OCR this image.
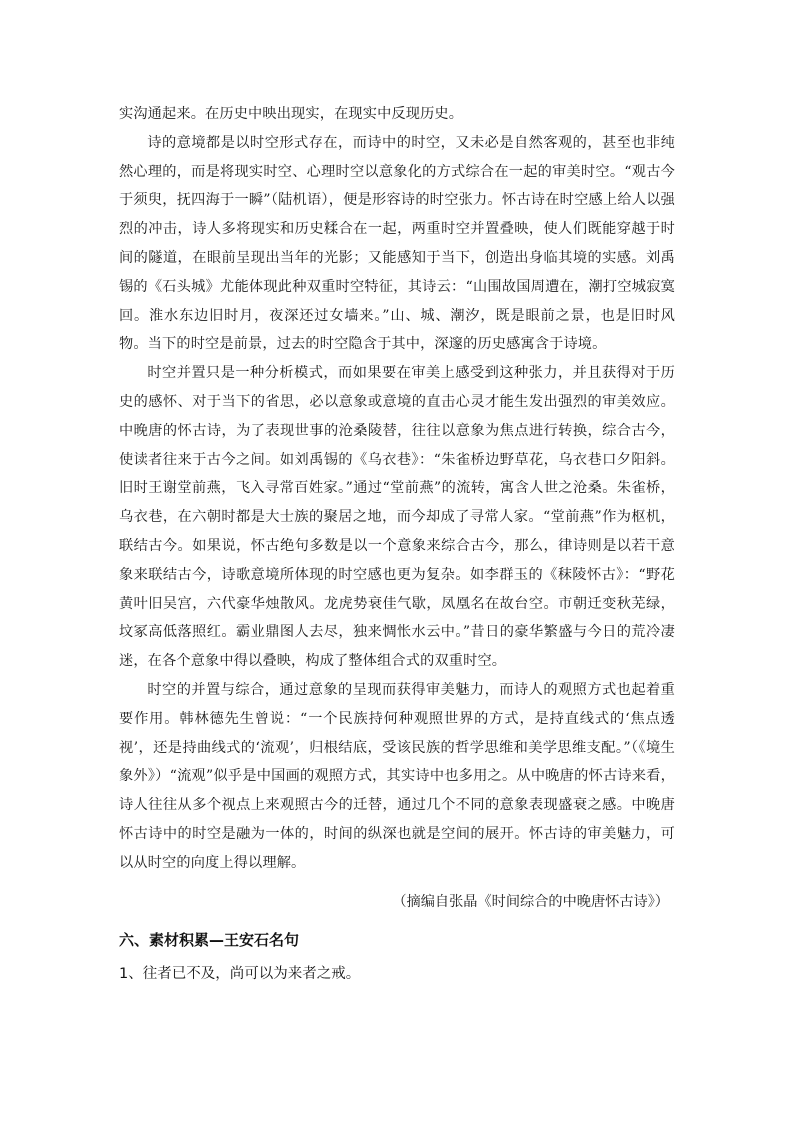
实沟通起来。在历史中映出现实，在现实中反现历史。

诗的意境都是以时空形式存在，而诗中的时空，又未必是自然客观的，甚至也非纯然心理的，而是将现实时空、心理时空以意象化的方式综合在一起的审美时空。“观古今于须臾，抚四海于一瞬”（陆机语），便是形容诗的时空张力。怀古诗在时空感上给人以强烈的冲击，诗人多将现实和历史糅合在一起，两重时空并置叠映，使人们既能穿越于时间的隧道，在眼前呈现出当年的光影；又能感知于当下，创造出身临其境的实感。刘禹锡的《石头城》尤能体现此种双重时空特征，其诗云：“山围故国周遭在，潮打空城寂寞回。淮水东边旧时月，夜深还过女墙来。”山、城、潮汐，既是眼前之景，也是旧时风物。当下的时空是前景，过去的时空隐含于其中，深邃的历史感寓含于诗境。

时空并置只是一种分析模式，而如果要在审美上感受到这种张力，并且获得对于历史的感怀、对于当下的省思，必以意象或意境的直击心灵才能生发出强烈的审美效应。中晚唐的怀古诗，为了表现世事的沧桑陵替，往往以意象为焦点进行转换，综合古今，使读者往来于古今之间。如刘禹锡的《乌衣巷》：“朱雀桥边野草花，乌衣巷口夕阳斜。旧时王谢堂前燕，飞入寻常百姓家。”通过“堂前燕”的流转，寓含人世之沧桑。朱雀桥，乌衣巷，在六朝时都是大士族的聚居之地，而今却成了寻常人家。“堂前燕”作为枢机，联结古今。如果说，怀古绝句多数是以一个意象来综合古今，那么，律诗则是以若干意象来联结古今，诗歌意境所体现的时空感也更为复杂。如李群玉的《秣陵怀古》：“野花黄叶旧吴宫，六代豪华烛散风。龙虎势衰佳气歇，凤凰名在故台空。市朝迁变秋芜绿，坟冢高低落照红。霸业鼎图人去尽，独来惆怅水云中。”昔日的豪华繁盛与今日的荒冷凄迷，在各个意象中得以叠映，构成了整体组合式的双重时空。

时空的并置与综合，通过意象的呈现而获得审美魅力，而诗人的观照方式也起着重要作用。韩林德先生曾说：“一个民族持何种观照世界的方式，是持直线式的‘焦点透视’，还是持曲线式的‘流观’，归根结底，受该民族的哲学思维和美学思维支配。”（《境生象外》）“流观”似乎是中国画的观照方式，其实诗中也多用之。从中晚唐的怀古诗来看，诗人往往从多个视点上来观照古今的迁替，通过几个不同的意象表现盛衰之感。中晚唐怀古诗中的时空是融为一体的，时间的纵深也就是空间的展开。怀古诗的审美魅力，可以从时空的向度上得以理解。

（摘编自张晶《时间综合的中晚唐怀古诗》）

六、素材积累—王安石名句

1、往者已不及，尚可以为来者之戒。
